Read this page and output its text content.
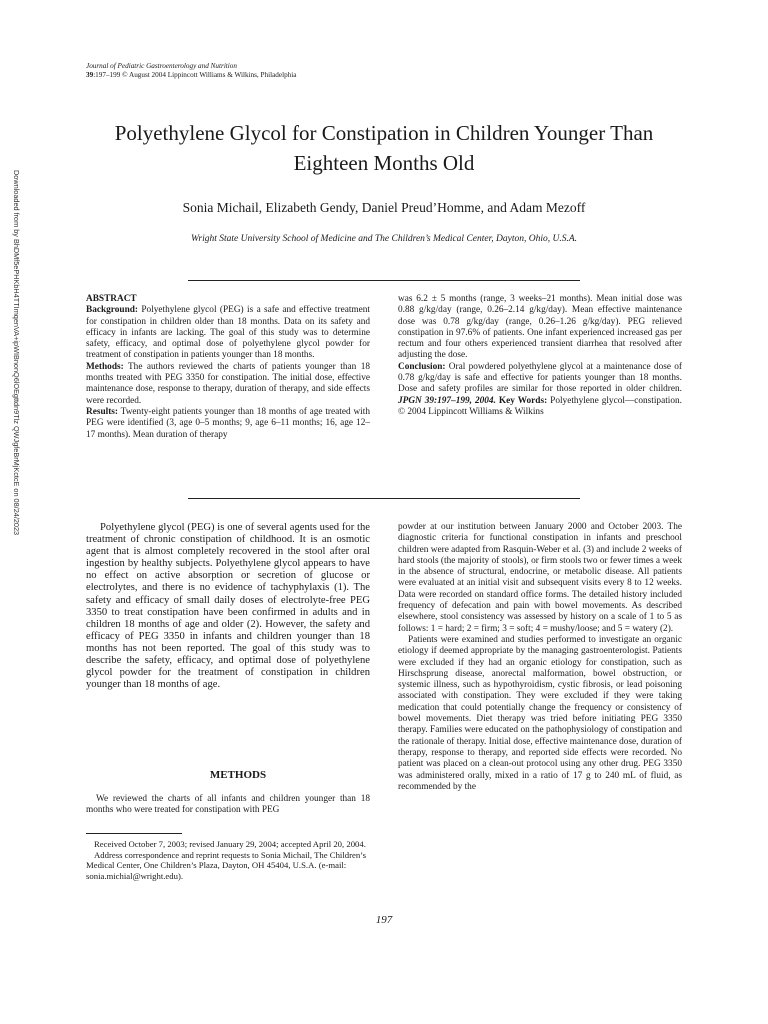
Journal of Pediatric Gastroenterology and Nutrition
39:197–199 © August 2004 Lippincott Williams & Wilkins, Philadelphia
Downloaded from by BhDMf5ePHKbH4TTImqenVA+ipWIBnonQ6lOEgttdn9Tlz QWJgfeBrMjKctcE on 08/24/2023
Polyethylene Glycol for Constipation in Children Younger Than Eighteen Months Old
Sonia Michail, Elizabeth Gendy, Daniel Preud’Homme, and Adam Mezoff
Wright State University School of Medicine and The Children’s Medical Center, Dayton, Ohio, U.S.A.

ABSTRACT

Background: Polyethylene glycol (PEG) is a safe and effective treatment for constipation in children older than 18 months. Data on its safety and efficacy in infants are lacking. The goal of this study was to determine safety, efficacy, and optimal dose of polyethylene glycol powder for treatment of constipation in patients younger than 18 months.

Methods: The authors reviewed the charts of patients younger than 18 months treated with PEG 3350 for constipation. The initial dose, effective maintenance dose, response to therapy, duration of therapy, and side effects were recorded.

Results: Twenty-eight patients younger than 18 months of age treated with PEG were identified (3, age 0–5 months; 9, age 6–11 months; 16, age 12–17 months). Mean duration of therapy

was 6.2 ± 5 months (range, 3 weeks–21 months). Mean initial dose was 0.88 g/kg/day (range, 0.26–2.14 g/kg/day). Mean effective maintenance dose was 0.78 g/kg/day (range, 0.26–1.26 g/kg/day). PEG relieved constipation in 97.6% of patients. One infant experienced increased gas per rectum and four others experienced transient diarrhea that resolved after adjusting the dose.

Conclusion: Oral powdered polyethylene glycol at a maintenance dose of 0.78 g/kg/day is safe and effective for patients younger than 18 months. Dose and safety profiles are similar for those reported in older children. JPGN 39:197–199, 2004. Key Words: Polyethylene glycol—constipation. © 2004 Lippincott Williams & Wilkins

Polyethylene glycol (PEG) is one of several agents used for the treatment of chronic constipation of childhood. It is an osmotic agent that is almost completely recovered in the stool after oral ingestion by healthy subjects. Polyethylene glycol appears to have no effect on active absorption or secretion of glucose or electrolytes, and there is no evidence of tachyphylaxis (1). The safety and efficacy of small daily doses of electrolyte-free PEG 3350 to treat constipation have been confirmed in adults and in children 18 months of age and older (2). However, the safety and efficacy of PEG 3350 in infants and children younger than 18 months has not been reported. The goal of this study was to describe the safety, efficacy, and optimal dose of polyethylene glycol powder for the treatment of constipation in children younger than 18 months of age.

METHODS

We reviewed the charts of all infants and children younger than 18 months who were treated for constipation with PEG

Received October 7, 2003; revised January 29, 2004; accepted April 20, 2004.

Address correspondence and reprint requests to Sonia Michail, The Children’s Medical Center, One Children’s Plaza, Dayton, OH 45404, U.S.A. (e-mail: sonia.michial@wright.edu).

powder at our institution between January 2000 and October 2003. The diagnostic criteria for functional constipation in infants and preschool children were adapted from Rasquin-Weber et al. (3) and include 2 weeks of hard stools (the majority of stools), or firm stools two or fewer times a week in the absence of structural, endocrine, or metabolic disease. All patients were evaluated at an initial visit and subsequent visits every 8 to 12 weeks. Data were recorded on standard office forms. The detailed history included frequency of defecation and pain with bowel movements. As described elsewhere, stool consistency was assessed by history on a scale of 1 to 5 as follows: 1 = hard; 2 = firm; 3 = soft; 4 = mushy/loose; and 5 = watery (2).

Patients were examined and studies performed to investigate an organic etiology if deemed appropriate by the managing gastroenterologist. Patients were excluded if they had an organic etiology for constipation, such as Hirschsprung disease, anorectal malformation, bowel obstruction, or systemic illness, such as hypothyroidism, cystic fibrosis, or lead poisoning associated with constipation. They were excluded if they were taking medication that could potentially change the frequency or consistency of bowel movements. Diet therapy was tried before initiating PEG 3350 therapy. Families were educated on the pathophysiology of constipation and the rationale of therapy. Initial dose, effective maintenance dose, duration of therapy, response to therapy, and reported side effects were recorded. No patient was placed on a clean-out protocol using any other drug. PEG 3350 was administered orally, mixed in a ratio of 17 g to 240 mL of fluid, as recommended by the

197
